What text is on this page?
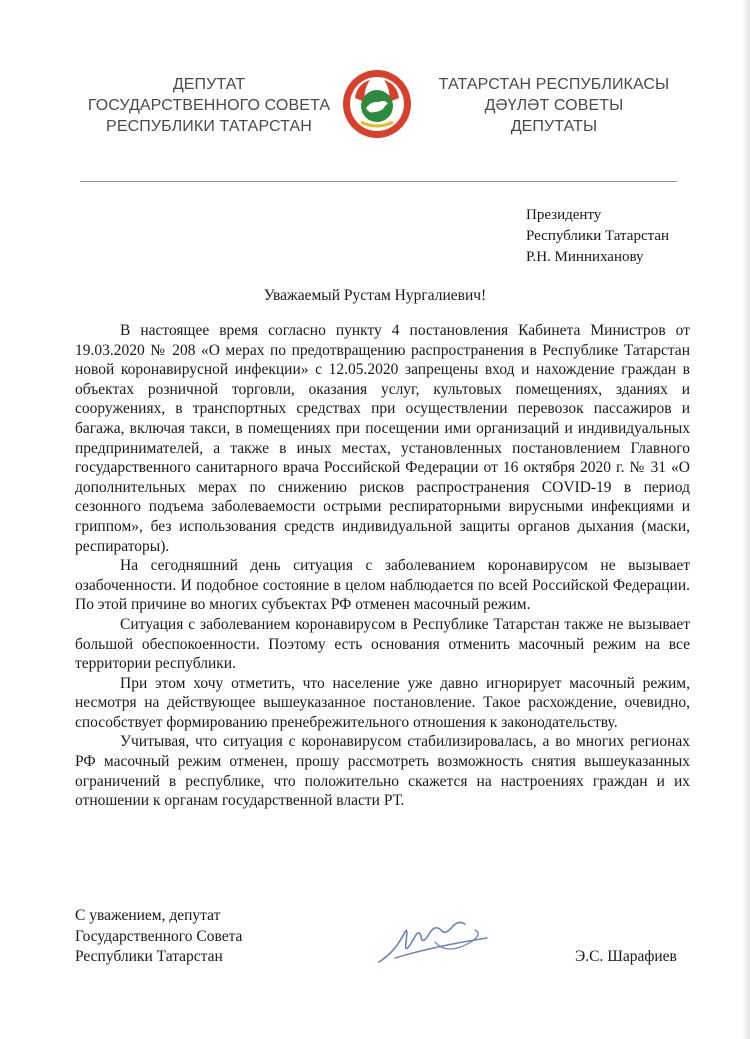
ДЕПУТАТ
ГОСУДАРСТВЕННОГО СОВЕТА
РЕСПУБЛИКИ ТАТАРСТАН
ТАТАРСТАН РЕСПУБЛИКАСЫ
ДӘҮЛӘТ СОВЕТЫ
ДЕПУТАТЫ
Президенту
Республики Татарстан
Р.Н. Минниханову
Уважаемый Рустам Нургалиевич!

В настоящее время согласно пункту 4 постановления Кабинета Министров от 19.03.2020 № 208 «О мерах по предотвращению распространения в Республике Татарстан новой коронавирусной инфекции» с 12.05.2020 запрещены вход и нахождение граждан в объектах розничной торговли, оказания услуг, культовых помещениях, зданиях и сооружениях, в транспортных средствах при осуществлении перевозок пассажиров и багажа, включая такси, в помещениях при посещении ими организаций и индивидуальных предпринимателей, а также в иных местах, установленных постановлением Главного государственного санитарного врача Российской Федерации от 16 октября 2020 г. № 31 «О дополнительных мерах по снижению рисков распространения COVID-19 в период сезонного подъема заболеваемости острыми респираторными вирусными инфекциями и гриппом», без использования средств индивидуальной защиты органов дыхания (маски, респираторы).

На сегодняшний день ситуация с заболеванием коронавирусом не вызывает озабоченности. И подобное состояние в целом наблюдается по всей Российской Федерации. По этой причине во многих субъектах РФ отменен масочный режим.

Ситуация с заболеванием коронавирусом в Республике Татарстан также не вызывает большой обеспокоенности. Поэтому есть основания отменить масочный режим на все территории республики.

При этом хочу отметить, что население уже давно игнорирует масочный режим, несмотря на действующее вышеуказанное постановление. Такое расхождение, очевидно, способствует формированию пренебрежительного отношения к законодательству.

Учитывая, что ситуация с коронавирусом стабилизировалась, а во многих регионах РФ масочный режим отменен, прошу рассмотреть возможность снятия вышеуказанных ограничений в республике, что положительно скажется на настроениях граждан и их отношении к органам государственной власти РТ.

С уважением, депутат
Государственного Совета
Республики Татарстан	Э.С. Шарафиев
